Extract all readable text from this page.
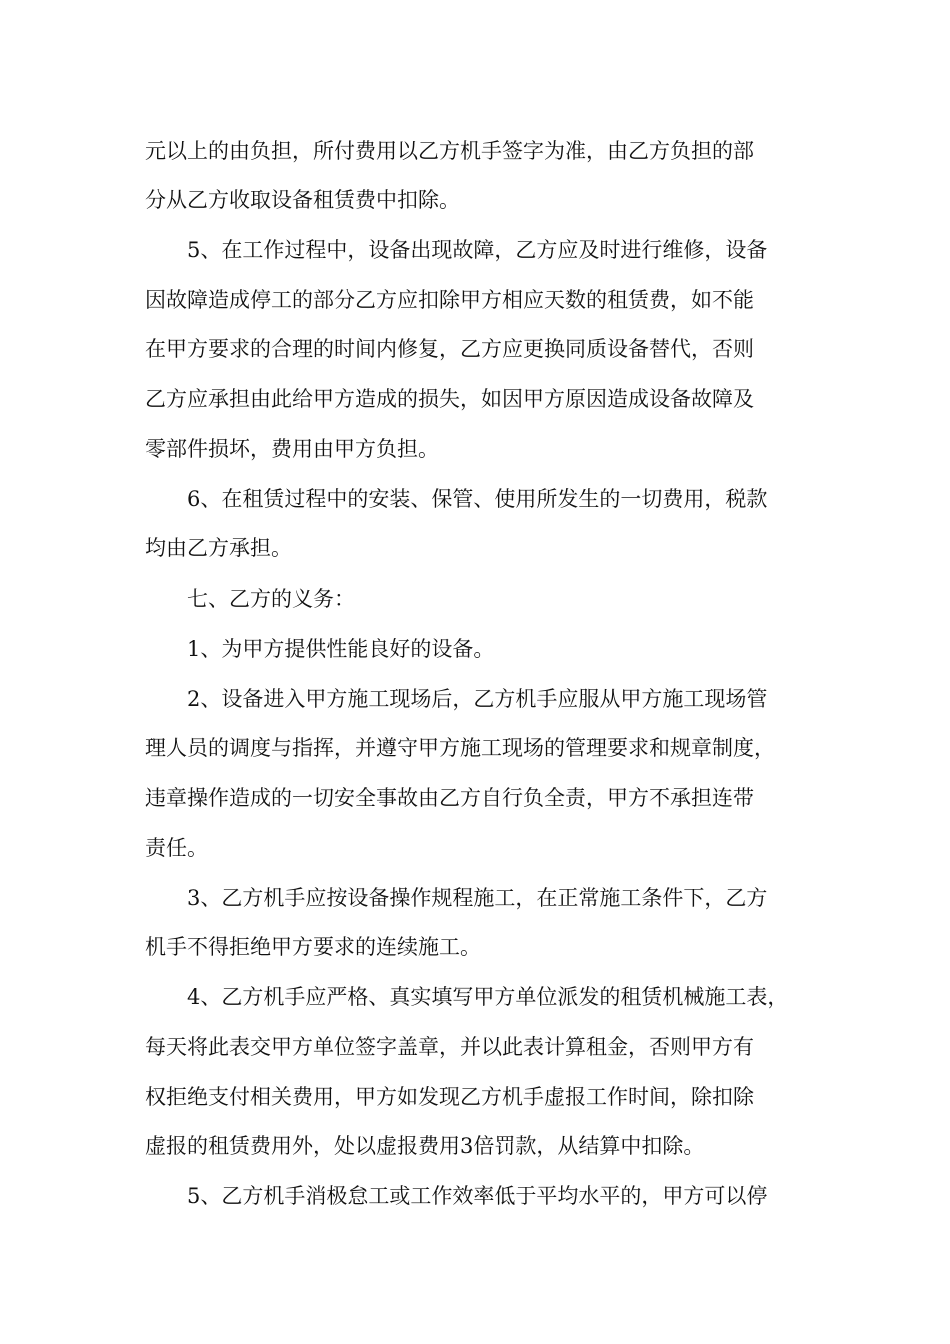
元以上的由负担，所付费用以乙方机手签字为准，由乙方负担的部

分从乙方收取设备租赁费中扣除。

5、在工作过程中，设备出现故障，乙方应及时进行维修，设备

因故障造成停工的部分乙方应扣除甲方相应天数的租赁费，如不能

在甲方要求的合理的时间内修复，乙方应更换同质设备替代，否则

乙方应承担由此给甲方造成的损失，如因甲方原因造成设备故障及

零部件损坏，费用由甲方负担。

6、在租赁过程中的安装、保管、使用所发生的一切费用，税款

均由乙方承担。

七、乙方的义务：

1、为甲方提供性能良好的设备。

2、设备进入甲方施工现场后，乙方机手应服从甲方施工现场管

理人员的调度与指挥，并遵守甲方施工现场的管理要求和规章制度，

违章操作造成的一切安全事故由乙方自行负全责，甲方不承担连带

责任。

3、乙方机手应按设备操作规程施工，在正常施工条件下，乙方

机手不得拒绝甲方要求的连续施工。

4、乙方机手应严格、真实填写甲方单位派发的租赁机械施工表，

每天将此表交甲方单位签字盖章，并以此表计算租金，否则甲方有

权拒绝支付相关费用，甲方如发现乙方机手虚报工作时间，除扣除

虚报的租赁费用外，处以虚报费用3倍罚款，从结算中扣除。

5、乙方机手消极怠工或工作效率低于平均水平的，甲方可以停
